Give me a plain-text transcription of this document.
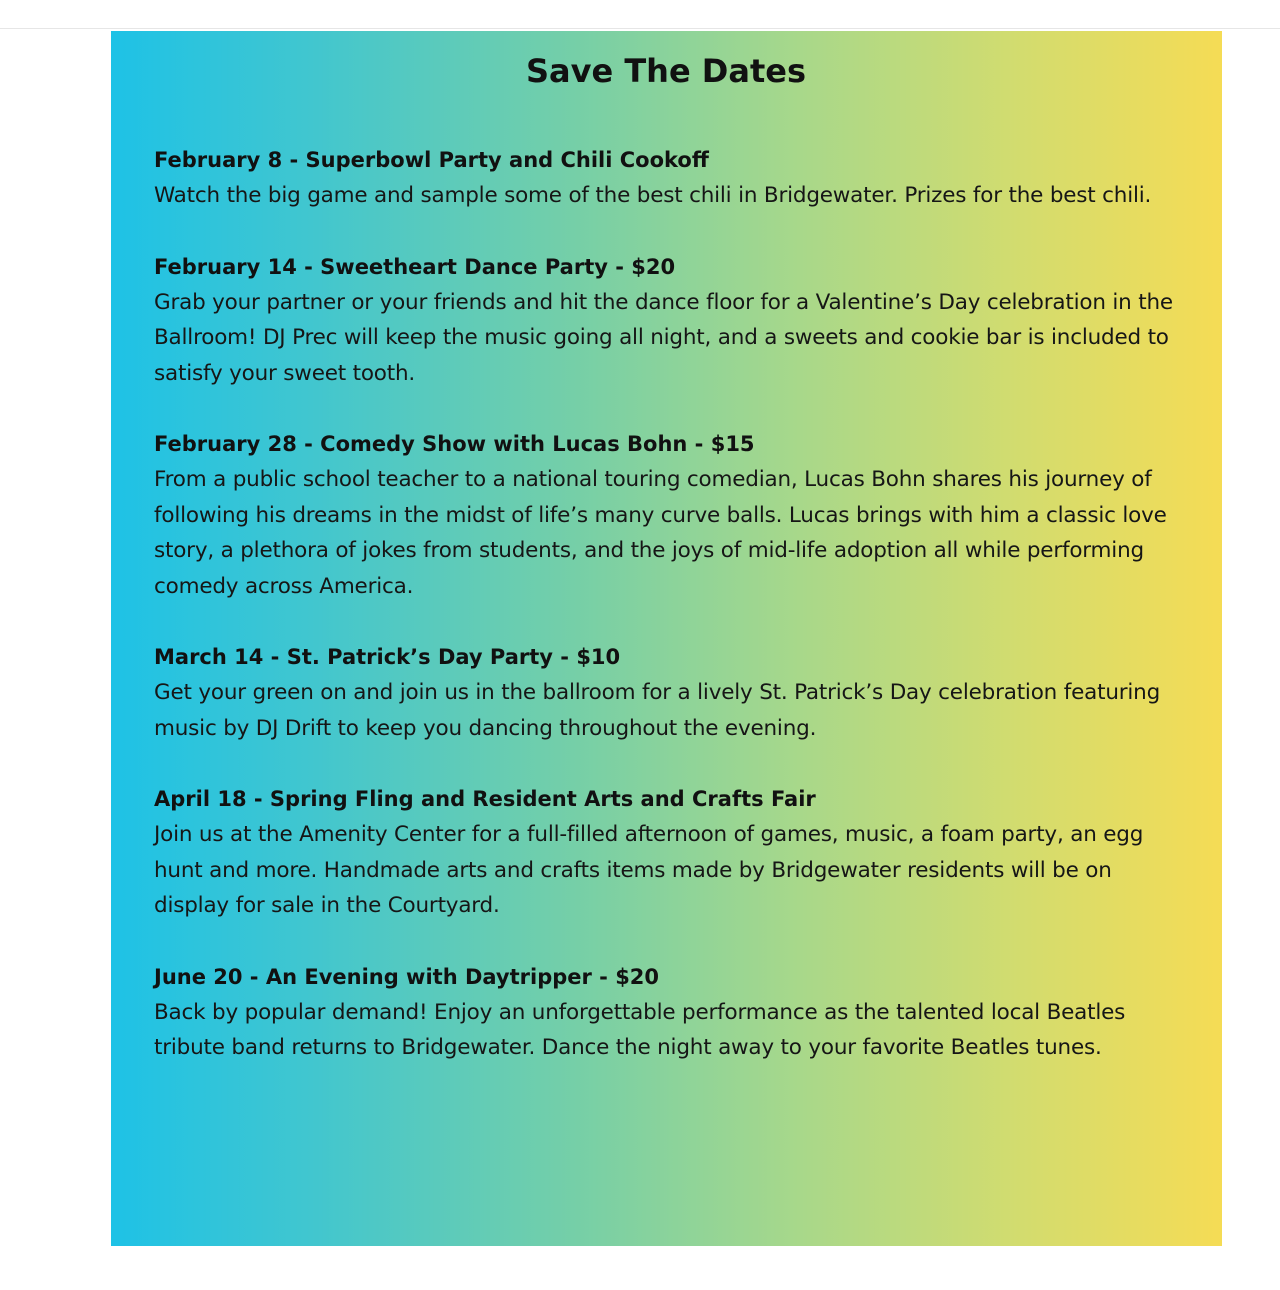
Save The Dates
February 8 - Superbowl Party and Chili Cookoff
Watch the big game and sample some of the best chili in Bridgewater. Prizes for the best chili.
February 14 - Sweetheart Dance Party - $20
Grab your partner or your friends and hit the dance floor for a Valentine’s Day celebration in the Ballroom! DJ Prec will keep the music going all night, and a sweets and cookie bar is included to satisfy your sweet tooth.
February 28 - Comedy Show with Lucas Bohn - $15
From a public school teacher to a national touring comedian, Lucas Bohn shares his journey of following his dreams in the midst of life’s many curve balls. Lucas brings with him a classic love story, a plethora of jokes from students, and the joys of mid-life adoption all while performing comedy across America.
March 14 - St. Patrick’s Day Party - $10
Get your green on and join us in the ballroom for a lively St. Patrick’s Day celebration featuring music by DJ Drift to keep you dancing throughout the evening.
April 18 - Spring Fling and Resident Arts and Crafts Fair
Join us at the Amenity Center for a full-filled afternoon of games, music, a foam party, an egg hunt and more. Handmade arts and crafts items made by Bridgewater residents will be on display for sale in the Courtyard.
June 20 - An Evening with Daytripper - $20
Back by popular demand! Enjoy an unforgettable performance as the talented local Beatles tribute band returns to Bridgewater. Dance the night away to your favorite Beatles tunes.
